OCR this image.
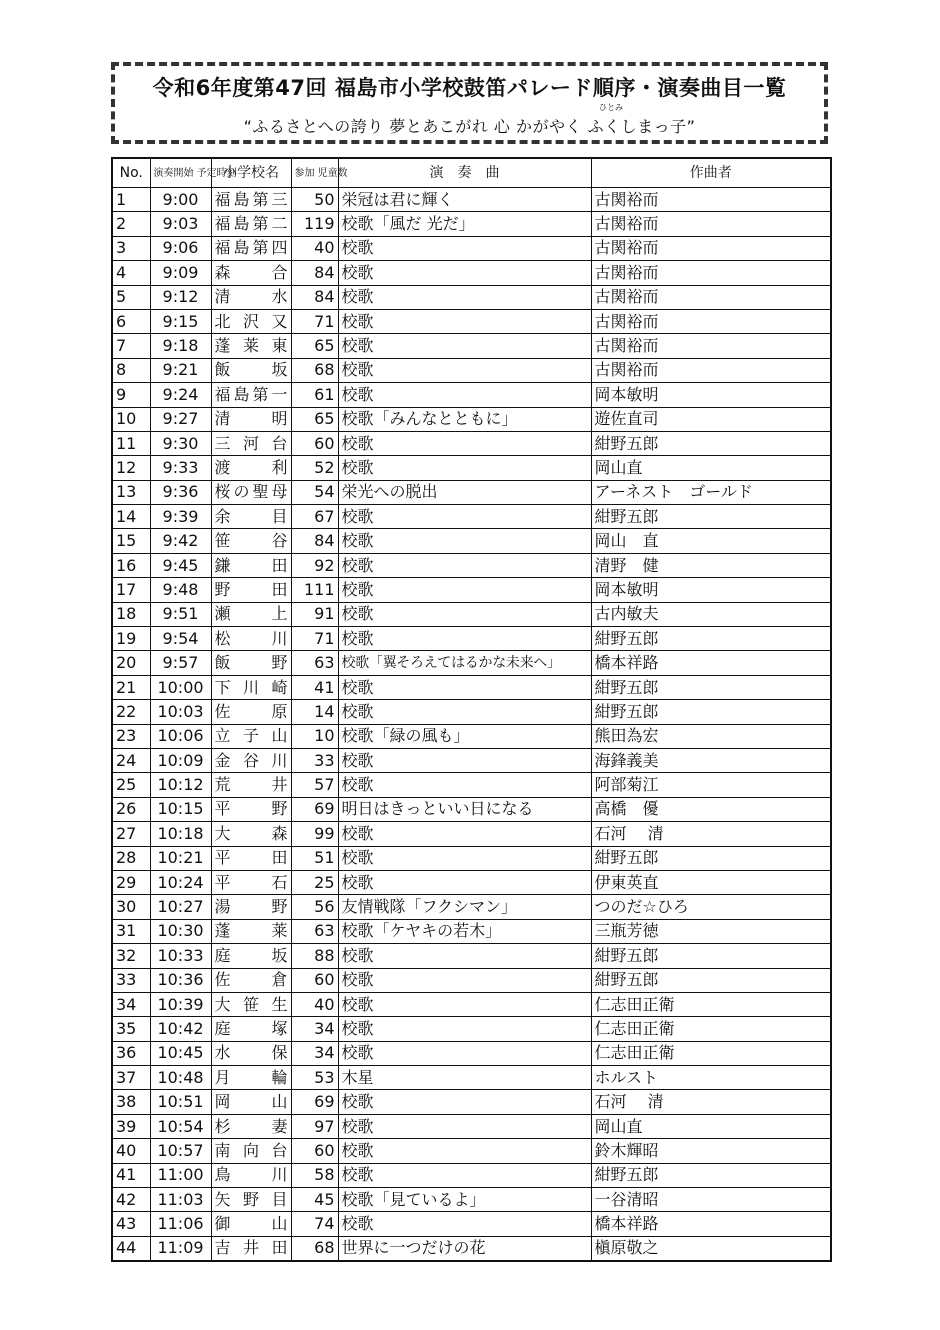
令和6年度第47回 福島市小学校鼓笛パレード順序・演奏曲目一覧
ひとみ
“ふるさとへの誇り 夢とあこがれ 心 かがやく ふくしまっ子”
No.	演奏開始 予定時刻	小学校名	参加 児童数	演　奏　曲	作曲者
1	9:00	福島第三	50	栄冠は君に輝く	古関裕而
2	9:03	福島第二	119	校歌「風だ 光だ」	古関裕而
3	9:06	福島第四	40	校歌	古関裕而
4	9:09	森合	84	校歌	古関裕而
5	9:12	清水	84	校歌	古関裕而
6	9:15	北沢又	71	校歌	古関裕而
7	9:18	蓬莱東	65	校歌	古関裕而
8	9:21	飯坂	68	校歌	古関裕而
9	9:24	福島第一	61	校歌	岡本敏明
10	9:27	清明	65	校歌「みんなとともに」	遊佐直司
11	9:30	三河台	60	校歌	紺野五郎
12	9:33	渡利	52	校歌	岡山直
13	9:36	桜の聖母	54	栄光への脱出	アーネスト　ゴールド
14	9:39	余目	67	校歌	紺野五郎
15	9:42	笹谷	84	校歌	岡山　直
16	9:45	鎌田	92	校歌	清野　健
17	9:48	野田	111	校歌	岡本敏明
18	9:51	瀬上	91	校歌	古内敏夫
19	9:54	松川	71	校歌	紺野五郎
20	9:57	飯野	63	校歌「翼そろえてはるかな未来へ」	橋本祥路
21	10:00	下川崎	41	校歌	紺野五郎
22	10:03	佐原	14	校歌	紺野五郎
23	10:06	立子山	10	校歌「緑の風も」	熊田為宏
24	10:09	金谷川	33	校歌	海鋒義美
25	10:12	荒井	57	校歌	阿部菊江
26	10:15	平野	69	明日はきっといい日になる	高橋　優
27	10:18	大森	99	校歌	石河　 清
28	10:21	平田	51	校歌	紺野五郎
29	10:24	平石	25	校歌	伊東英直
30	10:27	湯野	56	友情戦隊「フクシマン」	つのだ☆ひろ
31	10:30	蓬莱	63	校歌「ケヤキの若木」	三瓶芳徳
32	10:33	庭坂	88	校歌	紺野五郎
33	10:36	佐倉	60	校歌	紺野五郎
34	10:39	大笹生	40	校歌	仁志田正衛
35	10:42	庭塚	34	校歌	仁志田正衛
36	10:45	水保	34	校歌	仁志田正衛
37	10:48	月輪	53	木星	ホルスト
38	10:51	岡山	69	校歌	石河　 清
39	10:54	杉妻	97	校歌	岡山直
40	10:57	南向台	60	校歌	鈴木輝昭
41	11:00	鳥川	58	校歌	紺野五郎
42	11:03	矢野目	45	校歌「見ているよ」	一谷清昭
43	11:06	御山	74	校歌	橋本祥路
44	11:09	吉井田	68	世界に一つだけの花	槇原敬之
